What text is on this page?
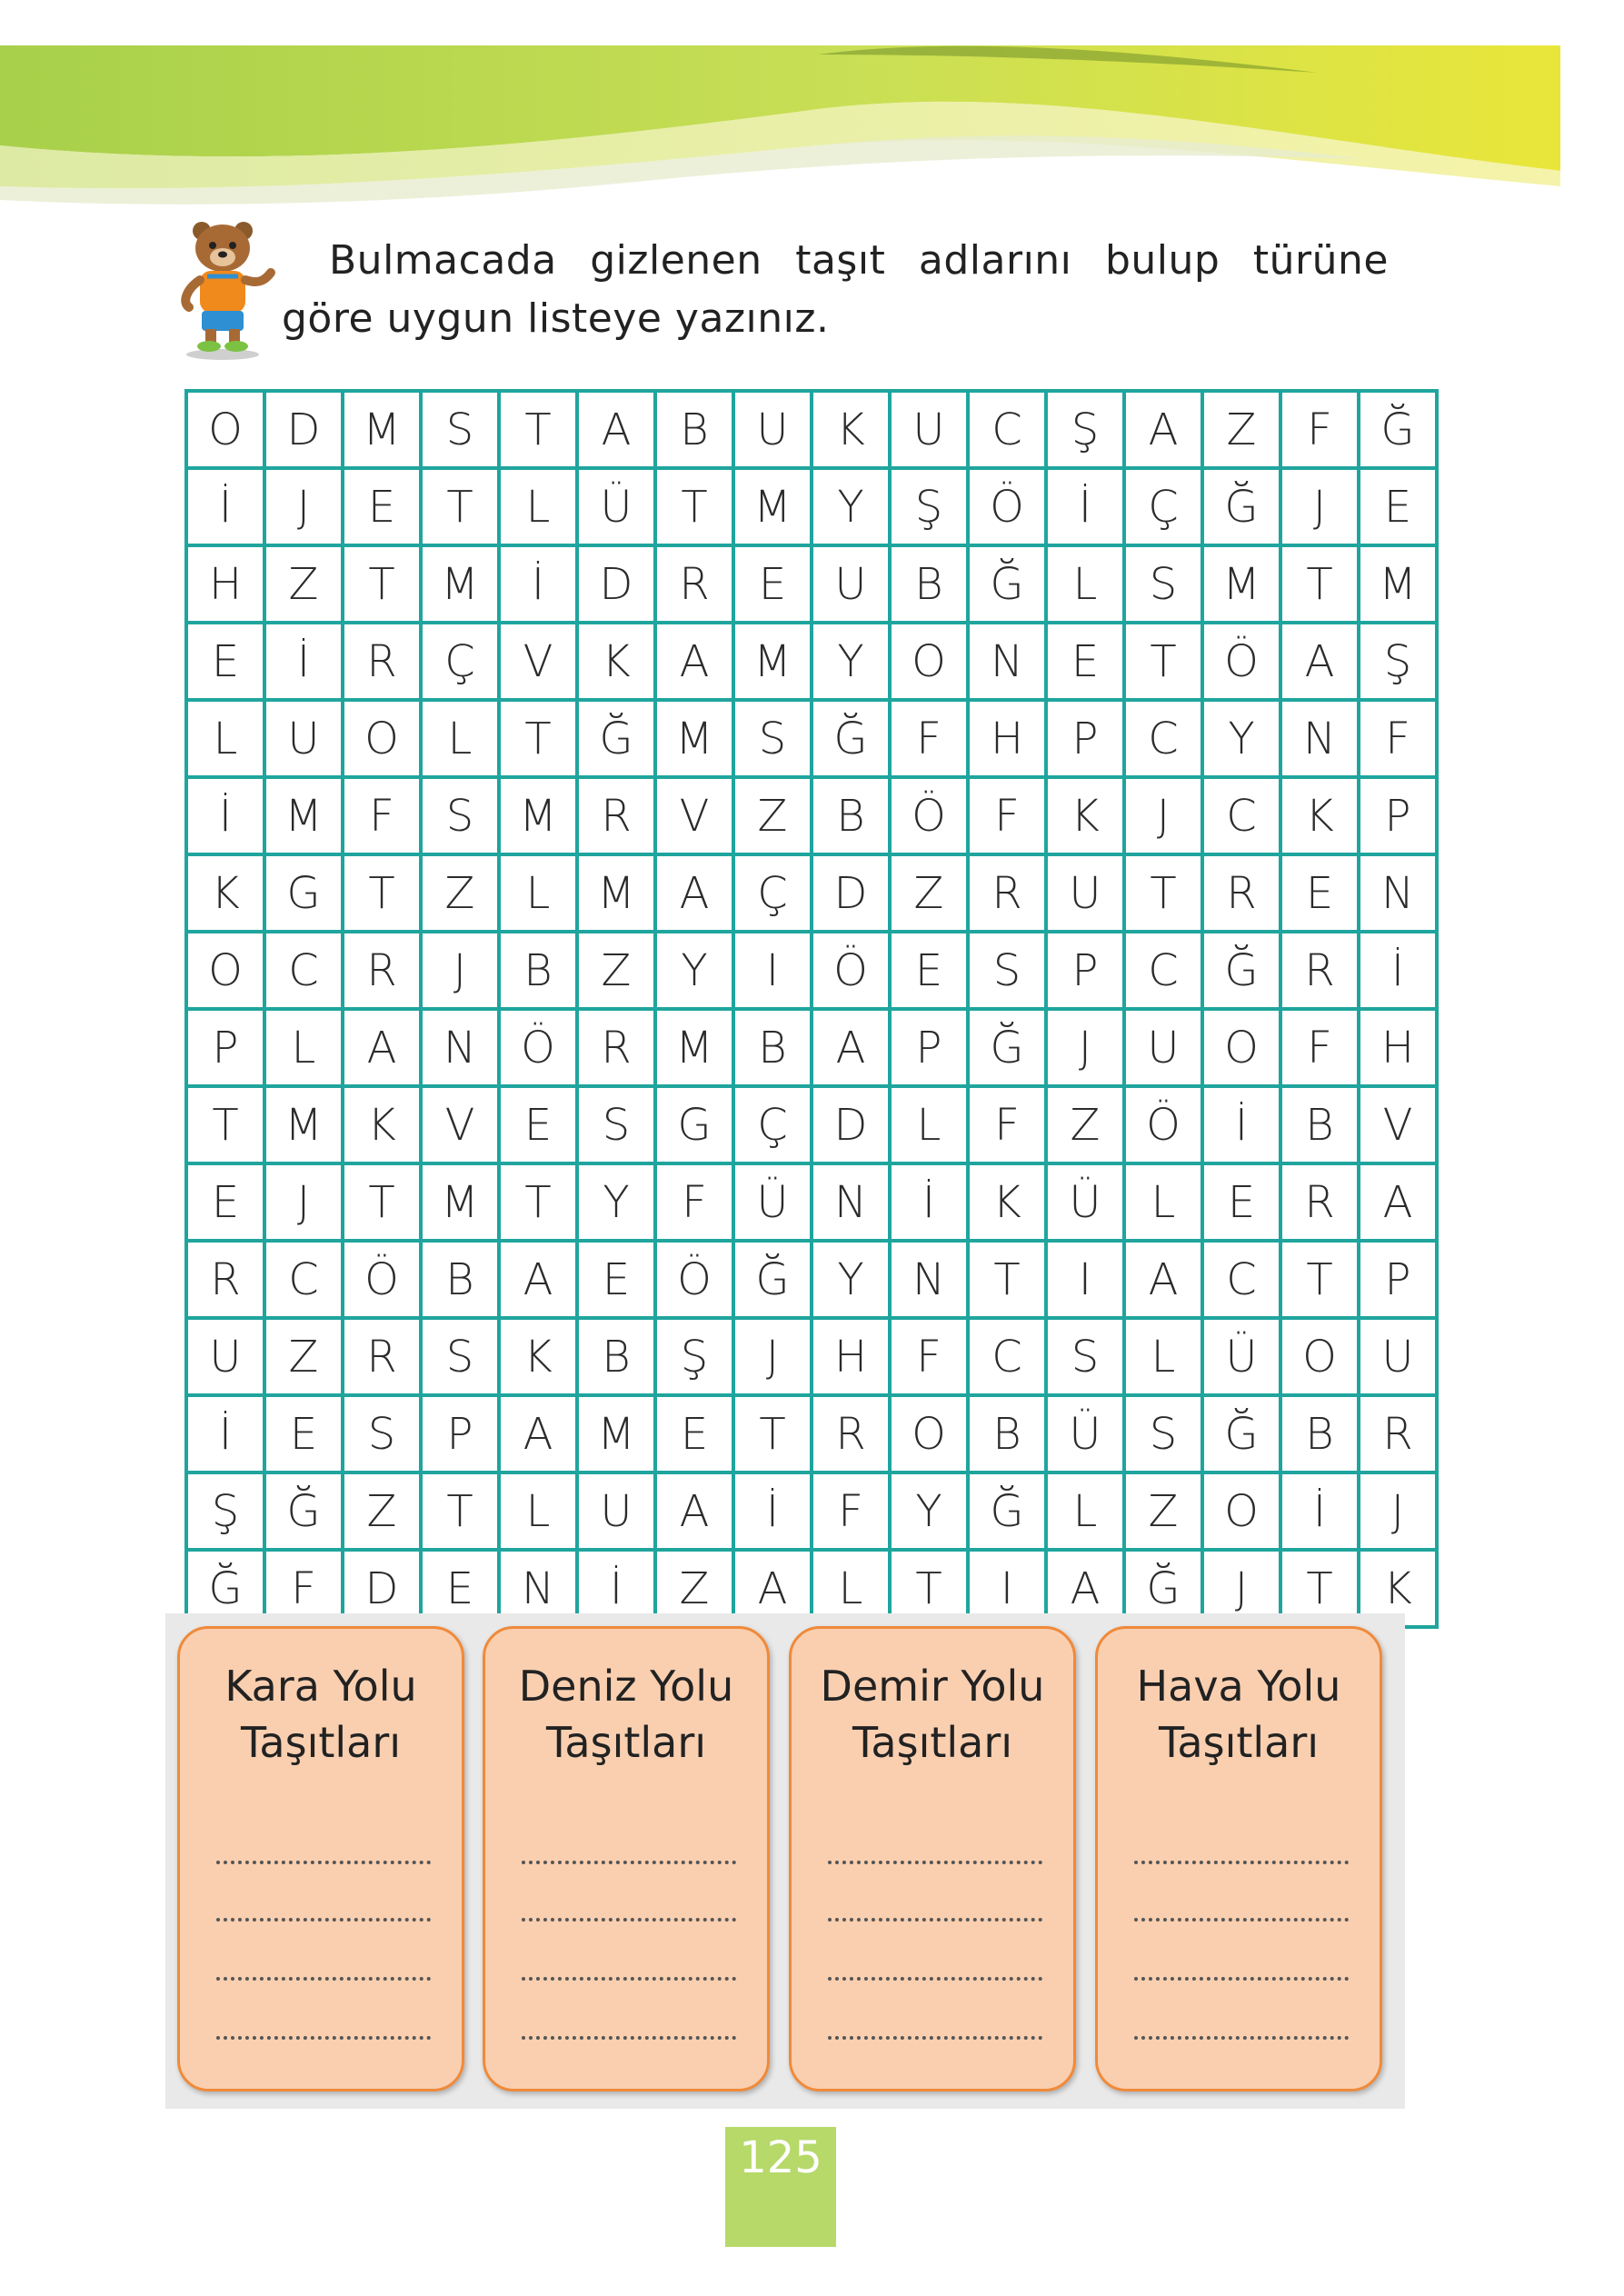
Bulmacada gizlenen taşıt adlarını bulup türüne göre uygun listeye yazınız.
O	D	M	S	T	A	B	U	K	U	C	Ş	A	Z	F	Ğ
İ	J	E	T	L	Ü	T	M	Y	Ş	Ö	İ	Ç	Ğ	J	E
H	Z	T	M	İ	D	R	E	U	B	Ğ	L	S	M	T	M
E	İ	R	Ç	V	K	A	M	Y	O	N	E	T	Ö	A	Ş
L	U	O	L	T	Ğ	M	S	Ğ	F	H	P	C	Y	N	F
İ	M	F	S	M	R	V	Z	B	Ö	F	K	J	C	K	P
K	G	T	Z	L	M	A	Ç	D	Z	R	U	T	R	E	N
O	C	R	J	B	Z	Y	I	Ö	E	S	P	C	Ğ	R	İ
P	L	A	N	Ö	R	M	B	A	P	Ğ	J	U	O	F	H
T	M	K	V	E	S	G	Ç	D	L	F	Z	Ö	İ	B	V
E	J	T	M	T	Y	F	Ü	N	İ	K	Ü	L	E	R	A
R	C	Ö	B	A	E	Ö	Ğ	Y	N	T	I	A	C	T	P
U	Z	R	S	K	B	Ş	J	H	F	C	S	L	Ü	O	U
İ	E	S	P	A	M	E	T	R	O	B	Ü	S	Ğ	B	R
Ş	Ğ	Z	T	L	U	A	İ	F	Y	Ğ	L	Z	O	İ	J
Ğ	F	D	E	N	İ	Z	A	L	T	I	A	Ğ	J	T	K
Kara Yolu
Taşıtları
Deniz Yolu
Taşıtları
Demir Yolu
Taşıtları
Hava Yolu
Taşıtları
125
